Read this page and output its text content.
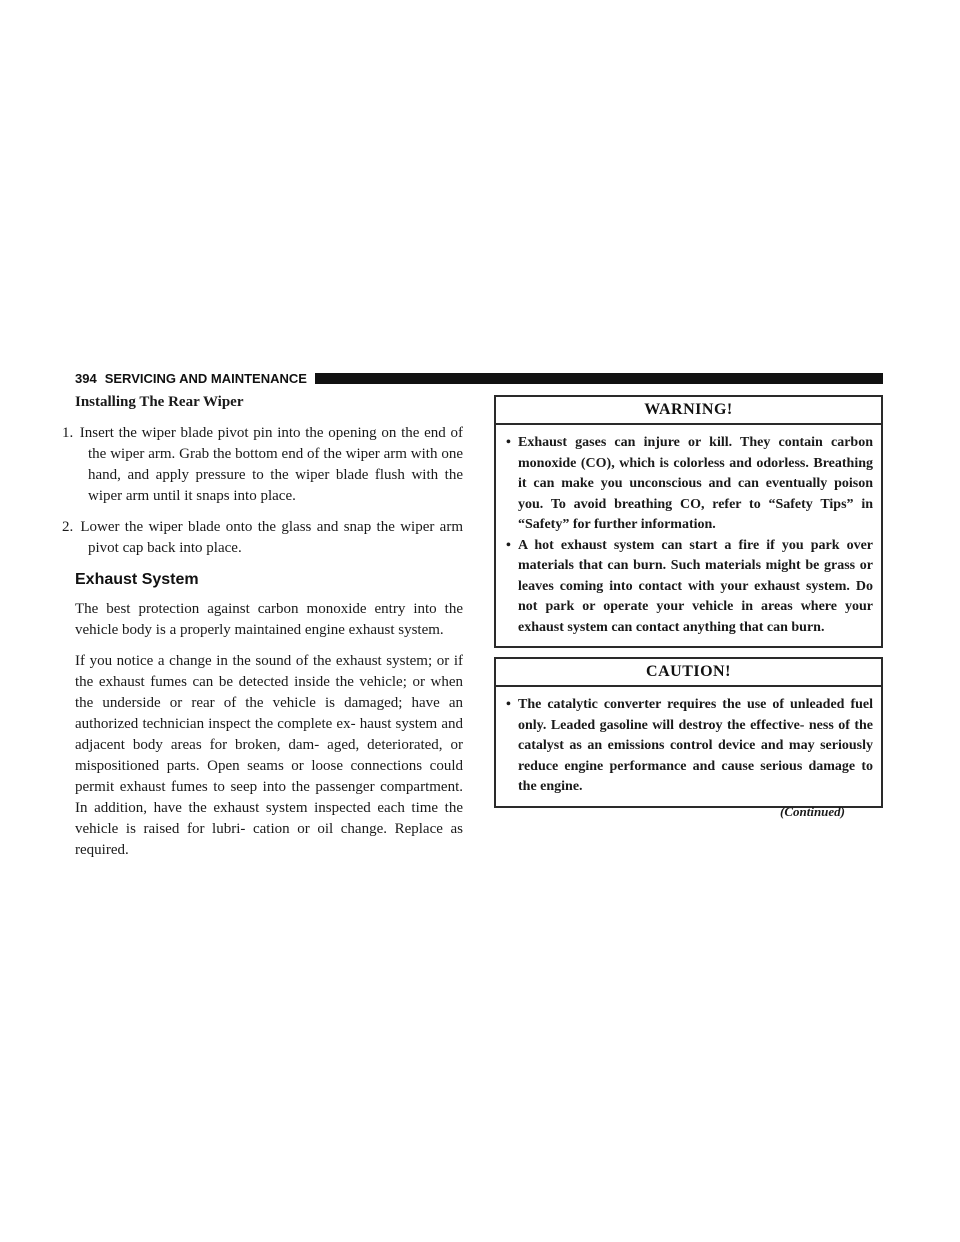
394 SERVICING AND MAINTENANCE
Installing The Rear Wiper
1. Insert the wiper blade pivot pin into the opening on the end of the wiper arm. Grab the bottom end of the wiper arm with one hand, and apply pressure to the wiper blade flush with the wiper arm until it snaps into place.
2. Lower the wiper blade onto the glass and snap the wiper arm pivot cap back into place.
Exhaust System

The best protection against carbon monoxide entry into the vehicle body is a properly maintained engine exhaust system.

If you notice a change in the sound of the exhaust system; or if the exhaust fumes can be detected inside the vehicle; or when the underside or rear of the vehicle is damaged; have an authorized technician inspect the complete ex- haust system and adjacent body areas for broken, dam- aged, deteriorated, or mispositioned parts. Open seams or loose connections could permit exhaust fumes to seep into the passenger compartment. In addition, have the exhaust system inspected each time the vehicle is raised for lubri- cation or oil change. Replace as required.

WARNING!

• Exhaust gases can injure or kill. They contain carbon monoxide (CO), which is colorless and odorless. Breathing it can make you unconscious and can eventually poison you. To avoid breathing CO, refer to “Safety Tips” in “Safety” for further information.

• A hot exhaust system can start a fire if you park over materials that can burn. Such materials might be grass or leaves coming into contact with your exhaust system. Do not park or operate your vehicle in areas where your exhaust system can contact anything that can burn.

CAUTION!

• The catalytic converter requires the use of unleaded fuel only. Leaded gasoline will destroy the effective- ness of the catalyst as an emissions control device and may seriously reduce engine performance and cause serious damage to the engine.

(Continued)
